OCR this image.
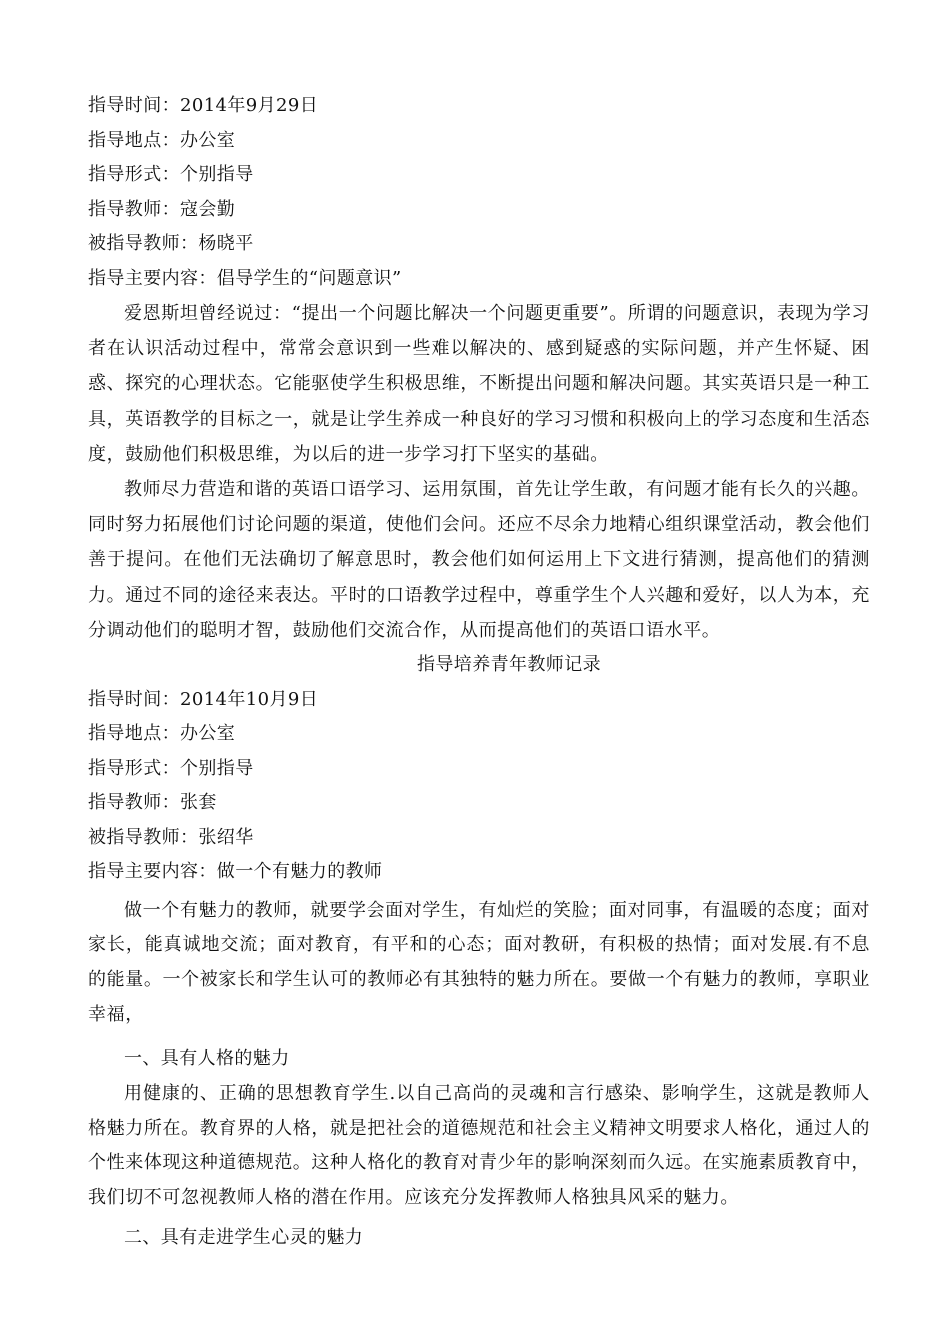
指导时间：2014年9月29日
指导地点：办公室
指导形式：个别指导
指导教师：寇会勤
被指导教师：杨晓平
指导主要内容：倡导学生的“问题意识”
爱恩斯坦曾经说过：“提出一个问题比解决一个问题更重要”。所谓的问题意识，表现为学习者在认识活动过程中，常常会意识到一些难以解决的、感到疑惑的实际问题，并产生怀疑、困惑、探究的心理状态。它能驱使学生积极思维，不断提出问题和解决问题。其实英语只是一种工具，英语教学的目标之一，就是让学生养成一种良好的学习习惯和积极向上的学习态度和生活态度，鼓励他们积极思维，为以后的进一步学习打下坚实的基础。
教师尽力营造和谐的英语口语学习、运用氛围，首先让学生敢，有问题才能有长久的兴趣。同时努力拓展他们讨论问题的渠道，使他们会问。还应不尽余力地精心组织课堂活动，教会他们善于提问。在他们无法确切了解意思时，教会他们如何运用上下文进行猜测，提高他们的猜测力。通过不同的途径来表达。平时的口语教学过程中，尊重学生个人兴趣和爱好，以人为本，充分调动他们的聪明才智，鼓励他们交流合作，从而提高他们的英语口语水平。
指导培养青年教师记录
指导时间：2014年10月9日
指导地点：办公室
指导形式：个别指导
指导教师：张套
被指导教师：张绍华
指导主要内容：做一个有魅力的教师
做一个有魅力的教师，就要学会面对学生，有灿烂的笑脸；面对同事，有温暖的态度；面对家长，能真诚地交流；面对教育，有平和的心态；面对教研，有积极的热情；面对发展.有不息的能量。一个被家长和学生认可的教师必有其独特的魅力所在。要做一个有魅力的教师，享职业幸福，
一、具有人格的魅力
用健康的、正确的思想教育学生.以自己高尚的灵魂和言行感染、影响学生，这就是教师人格魅力所在。教育界的人格，就是把社会的道德规范和社会主义精神文明要求人格化，通过人的个性来体现这种道德规范。这种人格化的教育对青少年的影响深刻而久远。在实施素质教育中，我们切不可忽视教师人格的潜在作用。应该充分发挥教师人格独具风采的魅力。
二、具有走进学生心灵的魅力
